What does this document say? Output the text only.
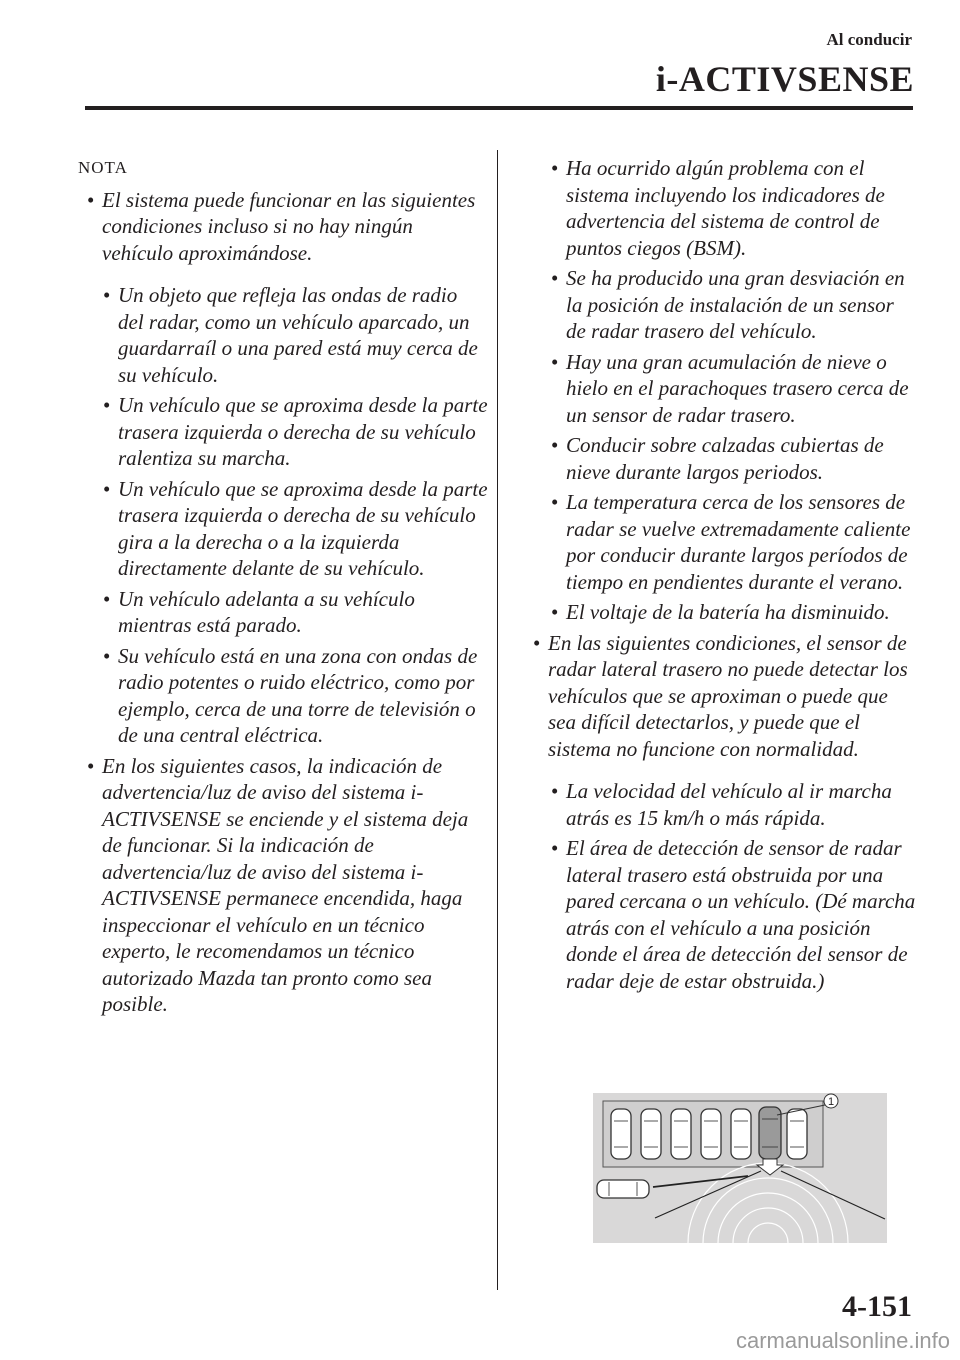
Al conducir
i-ACTIVSENSE
NOTA
• El sistema puede funcionar en las siguientes condiciones incluso si no hay ningún vehículo aproximándose.
• Un objeto que refleja las ondas de radio del radar, como un vehículo aparcado, un guardarraíl o una pared está muy cerca de su vehículo.
• Un vehículo que se aproxima desde la parte trasera izquierda o derecha de su vehículo ralentiza su marcha.
• Un vehículo que se aproxima desde la parte trasera izquierda o derecha de su vehículo gira a la derecha o a la izquierda directamente delante de su vehículo.
• Un vehículo adelanta a su vehículo mientras está parado.
• Su vehículo está en una zona con ondas de radio potentes o ruido eléctrico, como por ejemplo, cerca de una torre de televisión o de una central eléctrica.
• En los siguientes casos, la indicación de advertencia/luz de aviso del sistema i-ACTIVSENSE se enciende y el sistema deja de funcionar. Si la indicación de advertencia/luz de aviso del sistema i-ACTIVSENSE permanece encendida, haga inspeccionar el vehículo en un técnico experto, le recomendamos un técnico autorizado Mazda tan pronto como sea posible.
• Ha ocurrido algún problema con el sistema incluyendo los indicadores de advertencia del sistema de control de puntos ciegos (BSM).
• Se ha producido una gran desviación en la posición de instalación de un sensor de radar trasero del vehículo.
• Hay una gran acumulación de nieve o hielo en el parachoques trasero cerca de un sensor de radar trasero.
• Conducir sobre calzadas cubiertas de nieve durante largos periodos.
• La temperatura cerca de los sensores de radar se vuelve extremadamente caliente por conducir durante largos períodos de tiempo en pendientes durante el verano.
• El voltaje de la batería ha disminuido.
• En las siguientes condiciones, el sensor de radar lateral trasero no puede detectar los vehículos que se aproximan o puede que sea difícil detectarlos, y puede que el sistema no funcione con normalidad.
• La velocidad del vehículo al ir marcha atrás es 15 km/h o más rápida.
• El área de detección de sensor de radar lateral trasero está obstruida por una pared cercana o un vehículo. (Dé marcha atrás con el vehículo a una posición donde el área de detección del sensor de radar deje de estar obstruida.)
1
4-151
carmanualsonline.info
